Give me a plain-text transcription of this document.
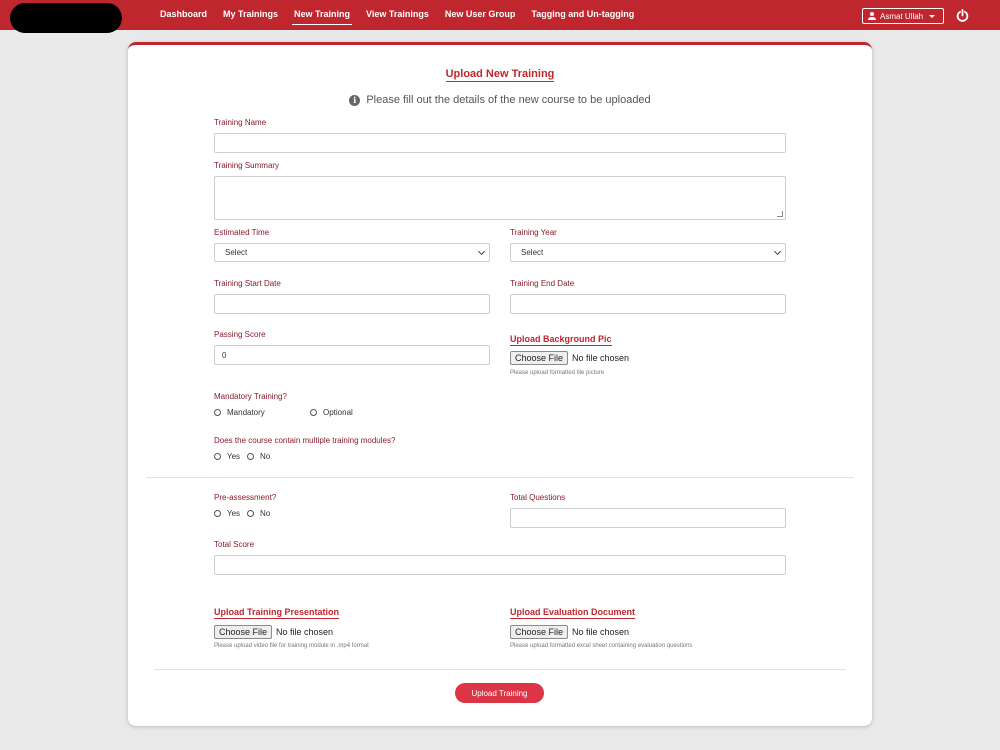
Dashboard	My Trainings	New Training	View Trainings	New User Group	Tagging and Un-tagging	Asmat Ullah
Upload New Training
i Please fill out the details of the new course to be uploaded
Training Name
Training Summary
Estimated Time
Select
Training Year
Select
Training Start Date	Training End Date
Passing Score
0
Upload Background Pic
Choose File	No file chosen
Please upload formatted tile picture
Mandatory Training?
Mandatory	Optional
Does the course contain multiple training modules?
Yes No
Pre-assessment?
Yes No
Total Questions
Total Score
Upload Training Presentation
Choose File	No file chosen
Please upload video file for training module in .mp4 format
Upload Evaluation Document
Choose File	No file chosen
Please upload formatted excel sheet containing evaluation questions
Upload Training
